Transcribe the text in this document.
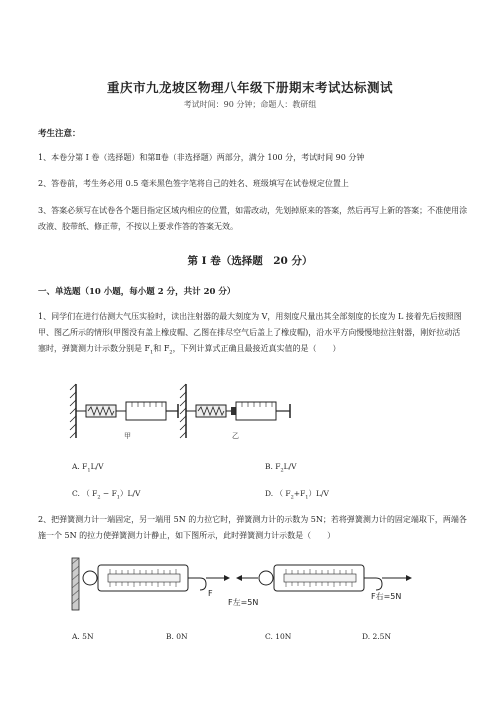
重庆市九龙坡区物理八年级下册期末考试达标测试
考试时间：90 分钟；命题人：教研组
考生注意：
1、本卷分第 I 卷（选择题）和第Ⅱ卷（非选择题）两部分，满分 100 分，考试时间 90 分钟
2、答卷前，考生务必用 0.5 毫米黑色签字笔将自己的姓名、班级填写在试卷规定位置上
3、答案必须写在试卷各个题目指定区域内相应的位置，如需改动，先划掉原来的答案，然后再写上新的答案；不准使用涂改液、胶带纸、修正带，不按以上要求作答的答案无效。
第 I 卷（选择题　20 分）
一、单选题（10 小题，每小题 2 分，共计 20 分）
1、同学们在进行估测大气压实验时，读出注射器的最大刻度为 V，用刻度尺量出其全部刻度的长度为 L 接着先后按照图甲、图乙所示的情形(甲图没有盖上橡皮帽、乙图在排尽空气后盖上了橡皮帽)，沿水平方向慢慢地拉注射器，刚好拉动活塞时，弹簧测力计示数分别是 $F_1$和 $F_2$，下列计算式正确且最接近真实值的是（　　）
甲	乙
A. $F_1L/V$	B. $F_2L/V$
C. （ $F_2 - F_1)L/V$	D. （ $F_2+F_1)L/V$
2、把弹簧测力计一端固定，另一端用 5N 的力拉它时，弹簧测力计的示数为 5N；若将弹簧测力计的固定端取下，两端各施一个 5N 的拉力使弹簧测力计静止，如下图所示，此时弹簧测力计示数是（　　）
F
F左=5N
F右=5N
A. 5N	B. 0N	C. 10N	D. 2.5N
